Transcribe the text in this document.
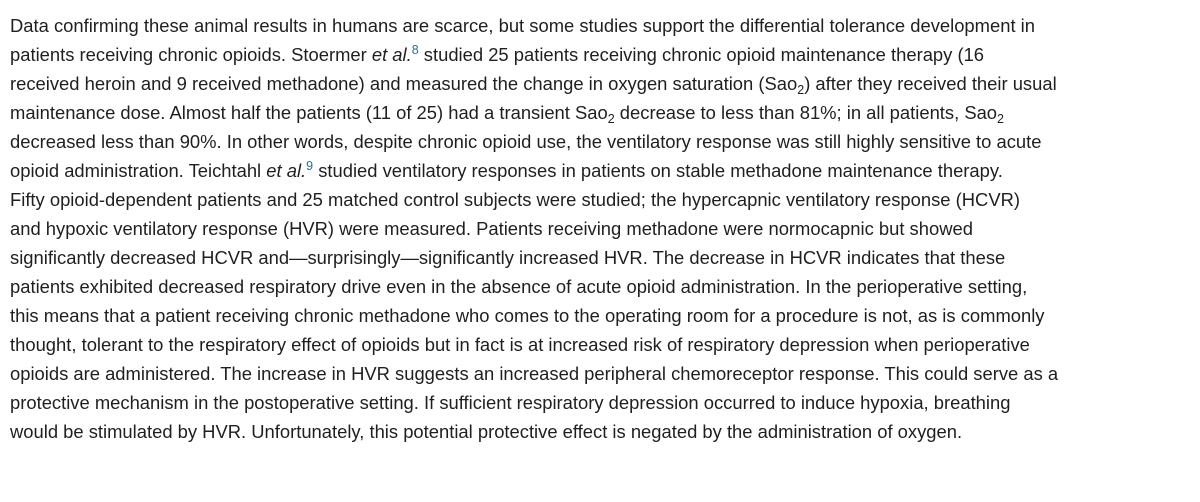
Data confirming these animal results in humans are scarce, but some studies support the differential tolerance development in
patients receiving chronic opioids. Stoermer et al.$^8$ studied 25 patients receiving chronic opioid maintenance therapy (16
received heroin and 9 received methadone) and measured the change in oxygen saturation (Sao$_2$) after they received their usual
maintenance dose. Almost half the patients (11 of 25) had a transient Sao$_2$ decrease to less than 81%; in all patients, Sao$_2$
decreased less than 90%. In other words, despite chronic opioid use, the ventilatory response was still highly sensitive to acute
opioid administration. Teichtahl et al.$^9$ studied ventilatory responses in patients on stable methadone maintenance therapy.
Fifty opioid-dependent patients and 25 matched control subjects were studied; the hypercapnic ventilatory response (HCVR)
and hypoxic ventilatory response (HVR) were measured. Patients receiving methadone were normocapnic but showed
significantly decreased HCVR and—surprisingly—significantly increased HVR. The decrease in HCVR indicates that these
patients exhibited decreased respiratory drive even in the absence of acute opioid administration. In the perioperative setting,
this means that a patient receiving chronic methadone who comes to the operating room for a procedure is not, as is commonly
thought, tolerant to the respiratory effect of opioids but in fact is at increased risk of respiratory depression when perioperative
opioids are administered. The increase in HVR suggests an increased peripheral chemoreceptor response. This could serve as a
protective mechanism in the postoperative setting. If sufficient respiratory depression occurred to induce hypoxia, breathing
would be stimulated by HVR. Unfortunately, this potential protective effect is negated by the administration of oxygen.
